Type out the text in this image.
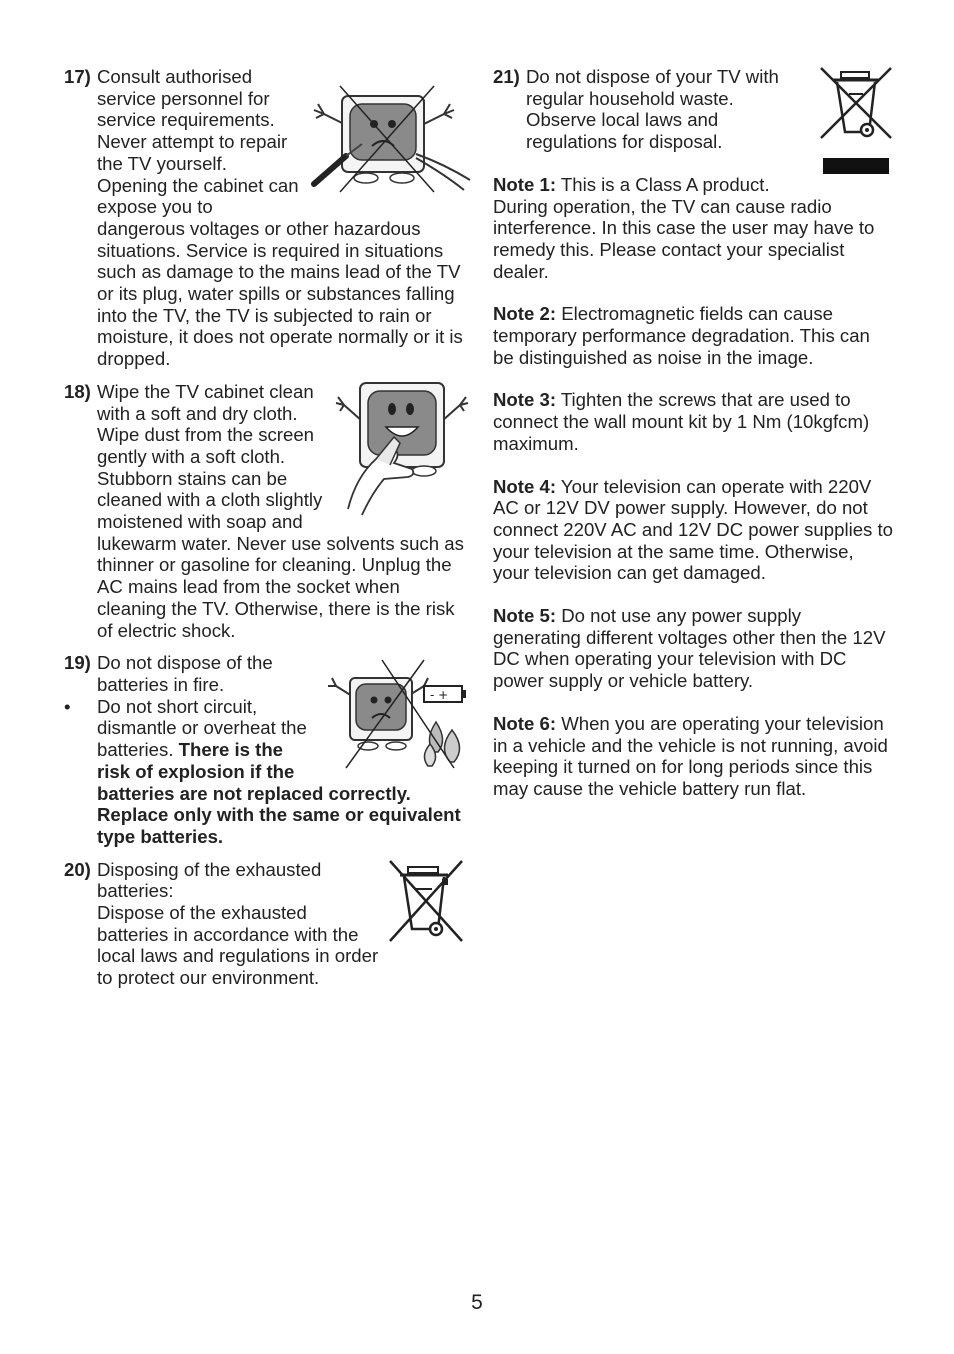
17) Consult authorised service personnel for service requirements. Never attempt to repair the TV yourself. Opening the cabinet can expose you to dangerous voltages or other hazardous situations. Service is required in situations such as damage to the mains lead of the TV or its plug, water spills or substances falling into the TV, the TV is subjected to rain or moisture, it does not operate normally or it is dropped.

18) Wipe the TV cabinet clean with a soft and dry cloth. Wipe dust from the screen gently with a soft cloth. Stubborn stains can be cleaned with a cloth slightly moistened with soap and lukewarm water. Never use solvents such as thinner or gasoline for cleaning. Unplug the AC mains lead from the socket when cleaning the TV. Otherwise, there is the risk of electric shock.

19)
- +

Do not dispose of the batteries in fire.

• Do not short circuit, dismantle or overheat the batteries. There is the risk of explosion if the batteries are not replaced correctly. Replace only with the same or equivalent type batteries.
20) Disposing of the exhausted batteries:

Dispose of the exhausted batteries in accordance with the local laws and regulations in order to protect our environment.

21) Do not dispose of your TV with regular household waste. Observe local laws and regulations for disposal.

Note 1: This is a Class A product. During operation, the TV can cause radio interference. In this case the user may have to remedy this. Please contact your specialist dealer.

Note 2: Electromagnetic fields can cause temporary performance degradation. This can be distinguished as noise in the image.

Note 3: Tighten the screws that are used to connect the wall mount kit by 1 Nm (10kgfcm) maximum.

Note 4: Your television can operate with 220V AC or 12V DV power supply. However, do not connect 220V AC and 12V DC power supplies to your television at the same time. Otherwise, your television can get damaged.

Note 5: Do not use any power supply generating different voltages other then the 12V DC when operating your television with DC power supply or vehicle battery.

Note 6: When you are operating your television in a vehicle and the vehicle is not running, avoid keeping it turned on for long periods since this may cause the vehicle battery run flat.

5
